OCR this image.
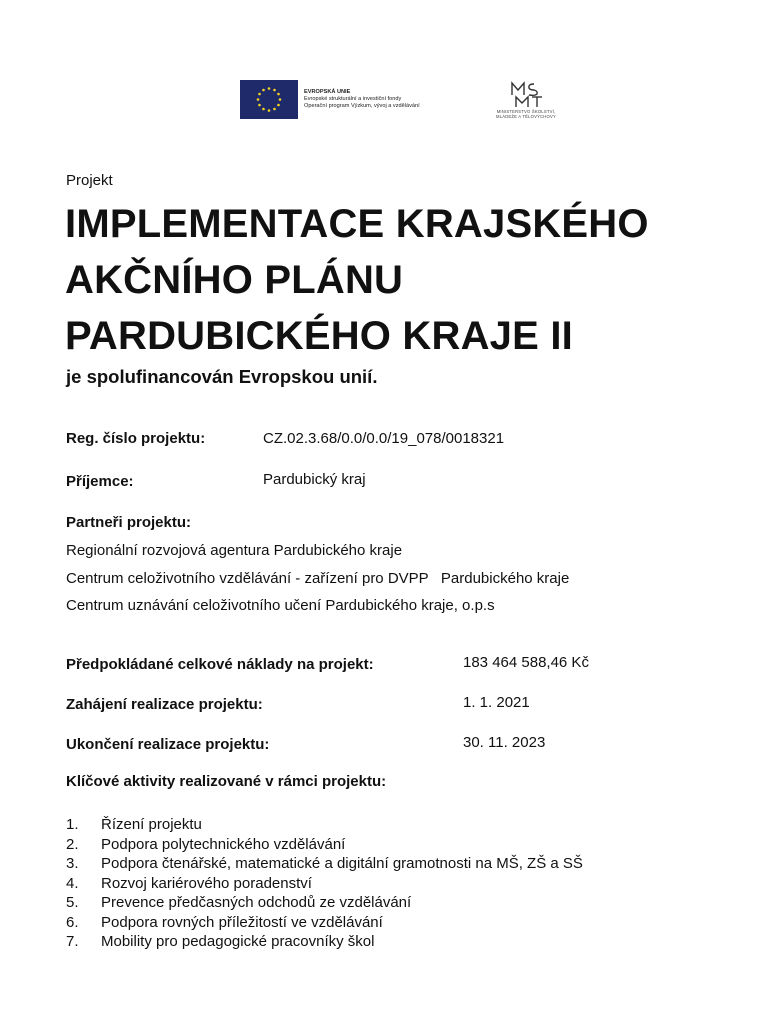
EVROPSKÁ UNIE
Evropské strukturální a investiční fondy
Operační program Výzkum, vývoj a vzdělávání
MINISTERSTVO ŠKOLSTVÍ,
MLÁDEŽE A TĚLOVÝCHOVY
Projekt
IMPLEMENTACE KRAJSKÉHO
AKČNÍHO PLÁNU
PARDUBICKÉHO KRAJE II
je spolufinancován Evropskou unií.
Reg. číslo projektu:	CZ.02.3.68/0.0/0.0/19_078/0018321
Příjemce:	Pardubický kraj
Partneři projektu:
Regionální rozvojová agentura Pardubického kraje
Centrum celoživotního vzdělávání - zařízení pro DVPP   Pardubického kraje
Centrum uznávání celoživotního učení Pardubického kraje, o.p.s
Předpokládané celkové náklady na projekt:	183 464 588,46 Kč
Zahájení realizace projektu:	1. 1. 2021
Ukončení realizace projektu:	30. 11. 2023
Klíčové aktivity realizované v rámci projektu:
1. Řízení projektu
2. Podpora polytechnického vzdělávání
3. Podpora čtenářské, matematické a digitální gramotnosti na MŠ, ZŠ a SŠ
4. Rozvoj kariérového poradenství
5. Prevence předčasných odchodů ze vzdělávání
6. Podpora rovných příležitostí ve vzdělávání
7. Mobility pro pedagogické pracovníky škol
